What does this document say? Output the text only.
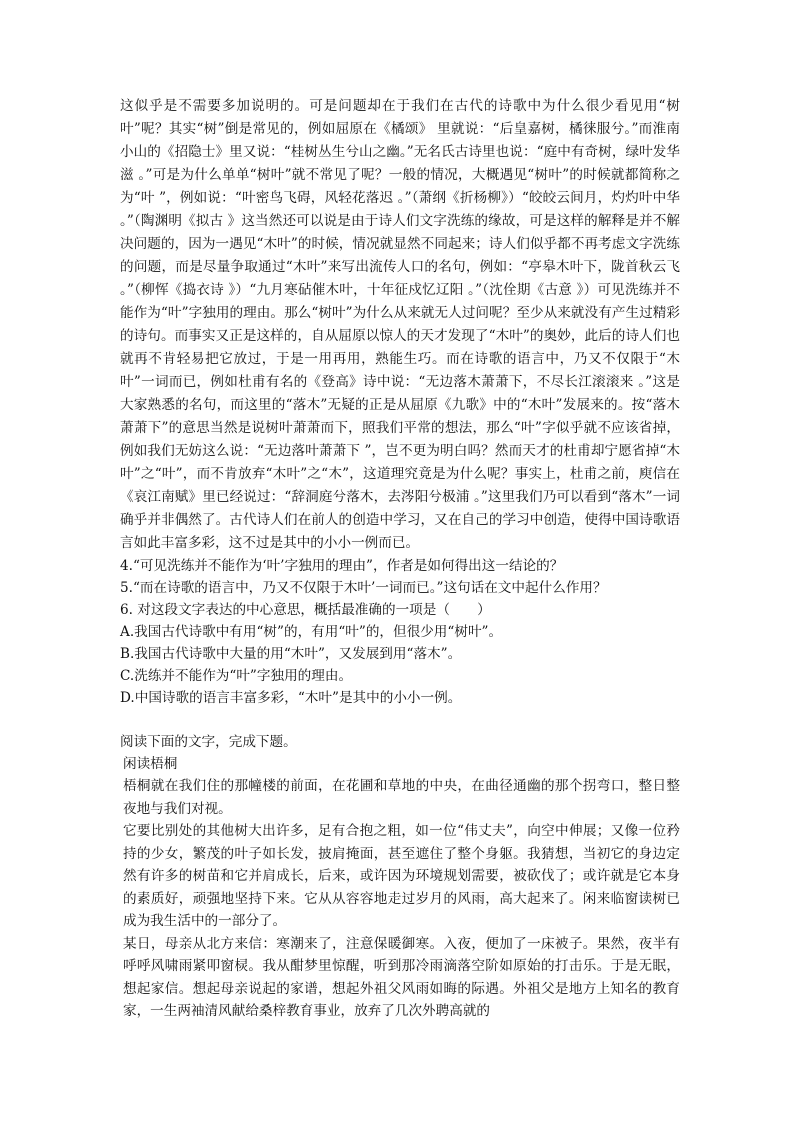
这似乎是不需要多加说明的。可是问题却在于我们在古代的诗歌中为什么很少看见用“树叶”呢？其实“树”倒是常见的，例如屈原在《橘颂》 里就说：“后皇嘉树，橘徕服兮。”而淮南小山的《招隐士》里又说：“桂树丛生兮山之幽。”无名氏古诗里也说：“庭中有奇树，绿叶发华滋 。”可是为什么单单“树叶”就不常见了呢？一般的情况，大概遇见“树叶”的时候就都简称之为“叶 ”，例如说：“叶密鸟飞碍，风轻花落迟 。”（萧纲《折杨柳》）“皎皎云间月，灼灼叶中华 。”（陶渊明《拟古 》这当然还可以说是由于诗人们文字洗练的缘故，可是这样的解释是并不解决问题的，因为一遇见“木叶”的时候，情况就显然不同起来；诗人们似乎都不再考虑文字洗练的问题，而是尽量争取通过“木叶”来写出流传人口的名句，例如：“亭皋木叶下，陇首秋云飞 。”（柳恽《捣衣诗 》）“九月寒砧催木叶，十年征戍忆辽阳 。”（沈佺期《古意 》）可见洗练并不能作为“叶”字独用的理由。那么“树叶”为什么从来就无人过问呢？至少从来就没有产生过精彩的诗句。而事实又正是这样的，自从屈原以惊人的天才发现了“木叶”的奥妙，此后的诗人们也就再不肯轻易把它放过，于是一用再用，熟能生巧。而在诗歌的语言中，乃又不仅限于“木叶”一词而已，例如杜甫有名的《登高》诗中说：“无边落木萧萧下，不尽长江滚滚来 。”这是大家熟悉的名句，而这里的“落木”无疑的正是从屈原《九歌》中的“木叶”发展来的。按“落木萧萧下”的意思当然是说树叶萧萧而下，照我们平常的想法，那么“叶”字似乎就不应该省掉，例如我们无妨这么说：“无边落叶萧萧下 ”，岂不更为明白吗？然而天才的杜甫却宁愿省掉“木叶”之“叶”，而不肯放弃“木叶”之“木”，这道理究竟是为什么呢？事实上，杜甫之前，庾信在《哀江南赋》里已经说过：“辞洞庭兮落木，去涔阳兮极浦 。”这里我们乃可以看到“落木”一词确乎并非偶然了。古代诗人们在前人的创造中学习，又在自己的学习中创造，使得中国诗歌语言如此丰富多彩，这不过是其中的小小一例而已。

4.“可见洗练并不能作为‘叶’字独用的理由”，作者是如何得出这一结论的？

5.“而在诗歌的语言中，乃又不仅限于木叶’一词而已。”这句话在文中起什么作用？

6. 对这段文字表达的中心意思，概括最准确的一项是（　　）

A.我国古代诗歌中有用“树”的，有用“叶”的，但很少用“树叶”。

B.我国古代诗歌中大量的用“木叶”，又发展到用“落木”。

C.洗练并不能作为“叶”字独用的理由。

D.中国诗歌的语言丰富多彩，“木叶”是其中的小小一例。

阅读下面的文字，完成下题。

闲读梧桐

梧桐就在我们住的那幢楼的前面，在花圃和草地的中央，在曲径通幽的那个拐弯口，整日整夜地与我们对视。

它要比别处的其他树大出许多，足有合抱之粗，如一位“伟丈夫”，向空中伸展；又像一位矜持的少女，繁茂的叶子如长发，披肩掩面，甚至遮住了整个身躯。我猜想，当初它的身边定然有许多的树苗和它并肩成长，后来，或许因为环境规划需要，被砍伐了；或许就是它本身的素质好，顽强地坚持下来。它从从容容地走过岁月的风雨，高大起来了。闲来临窗读树已成为我生活中的一部分了。

某日，母亲从北方来信：寒潮来了，注意保暖御寒。入夜，便加了一床被子。果然，夜半有呼呼风啸雨紧叩窗棂。我从酣梦里惊醒，听到那冷雨滴落空阶如原始的打击乐。于是无眠，想起家信。想起母亲说起的家谱，想起外祖父风雨如晦的际遇。外祖父是地方上知名的教育家，一生两袖清风献给桑梓教育事业，放弃了几次外聘高就的
